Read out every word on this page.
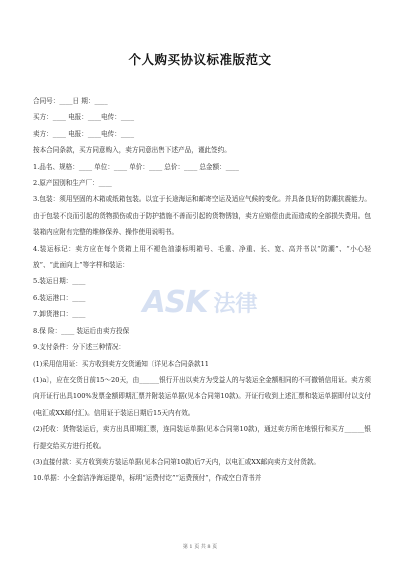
个人购买协议标准版范文

合同号：____日 期：____

买方：____ 电报：____电传：____

卖方：____ 电报：____电传：____

按本合同条款，买方同意购入，卖方同意出售下述产品，谨此签约。

1.品名、规格：____ 单位：____ 单价：____ 总价：____ 总金额：____

2.原产国别和生产厂：____

3.包装：须用坚固的木箱或纸箱包装。以宜于长途海运和邮寄空运及适应气候的变化。并具备良好的防潮抗震能力。由于包装不良而引起的货物损伤或由于防护措施不善而引起的货物锈蚀，卖方应赔偿由此而造成的全部损失费用。包装箱内应附有完整的维修保养、操作使用说明书。

4.装运标记：卖方应在每个货箱上用不褪色油漆标明箱号、毛重、净重、长、宽、高并书以“防潮”、“小心轻放”、“此面向上”等字样和装运：

5.装运日期：____

6.装运港口：____

7.卸货港口：____

8.保 险：____ 装运后由卖方投保

9.支付条件：分下述三种情况：

(1)采用信用证：买方收到卖方交货通知〔详见本合同条款11

(1)a〕，应在交货日前15～20天，由______银行开出以卖方为受益人的与装运全金额相同的不可撤销信用证。卖方须向开证行出具100%发票金额即期汇票并附装运单据(见本合同第10款)。开证行收到上述汇票和装运单据即付以支付(电汇或XX邮付汇)。信用证于装运日期后15天内有效。

(2)托收：货物装运后，卖方出具即期汇票，连同装运单据(见本合同第10款)，通过卖方所在地银行和买方______银行提交给买方进行托收。

(3)直接付款：买方收到卖方装运单据(见本合同第10款)后7天内，以电汇或XX邮向卖方支付货款。

10.单据：小全套洁净海运提单，标明“运费付讫”“运费预付”，作成空白背书并

ASK 法律
第 1 页 共 8 页
